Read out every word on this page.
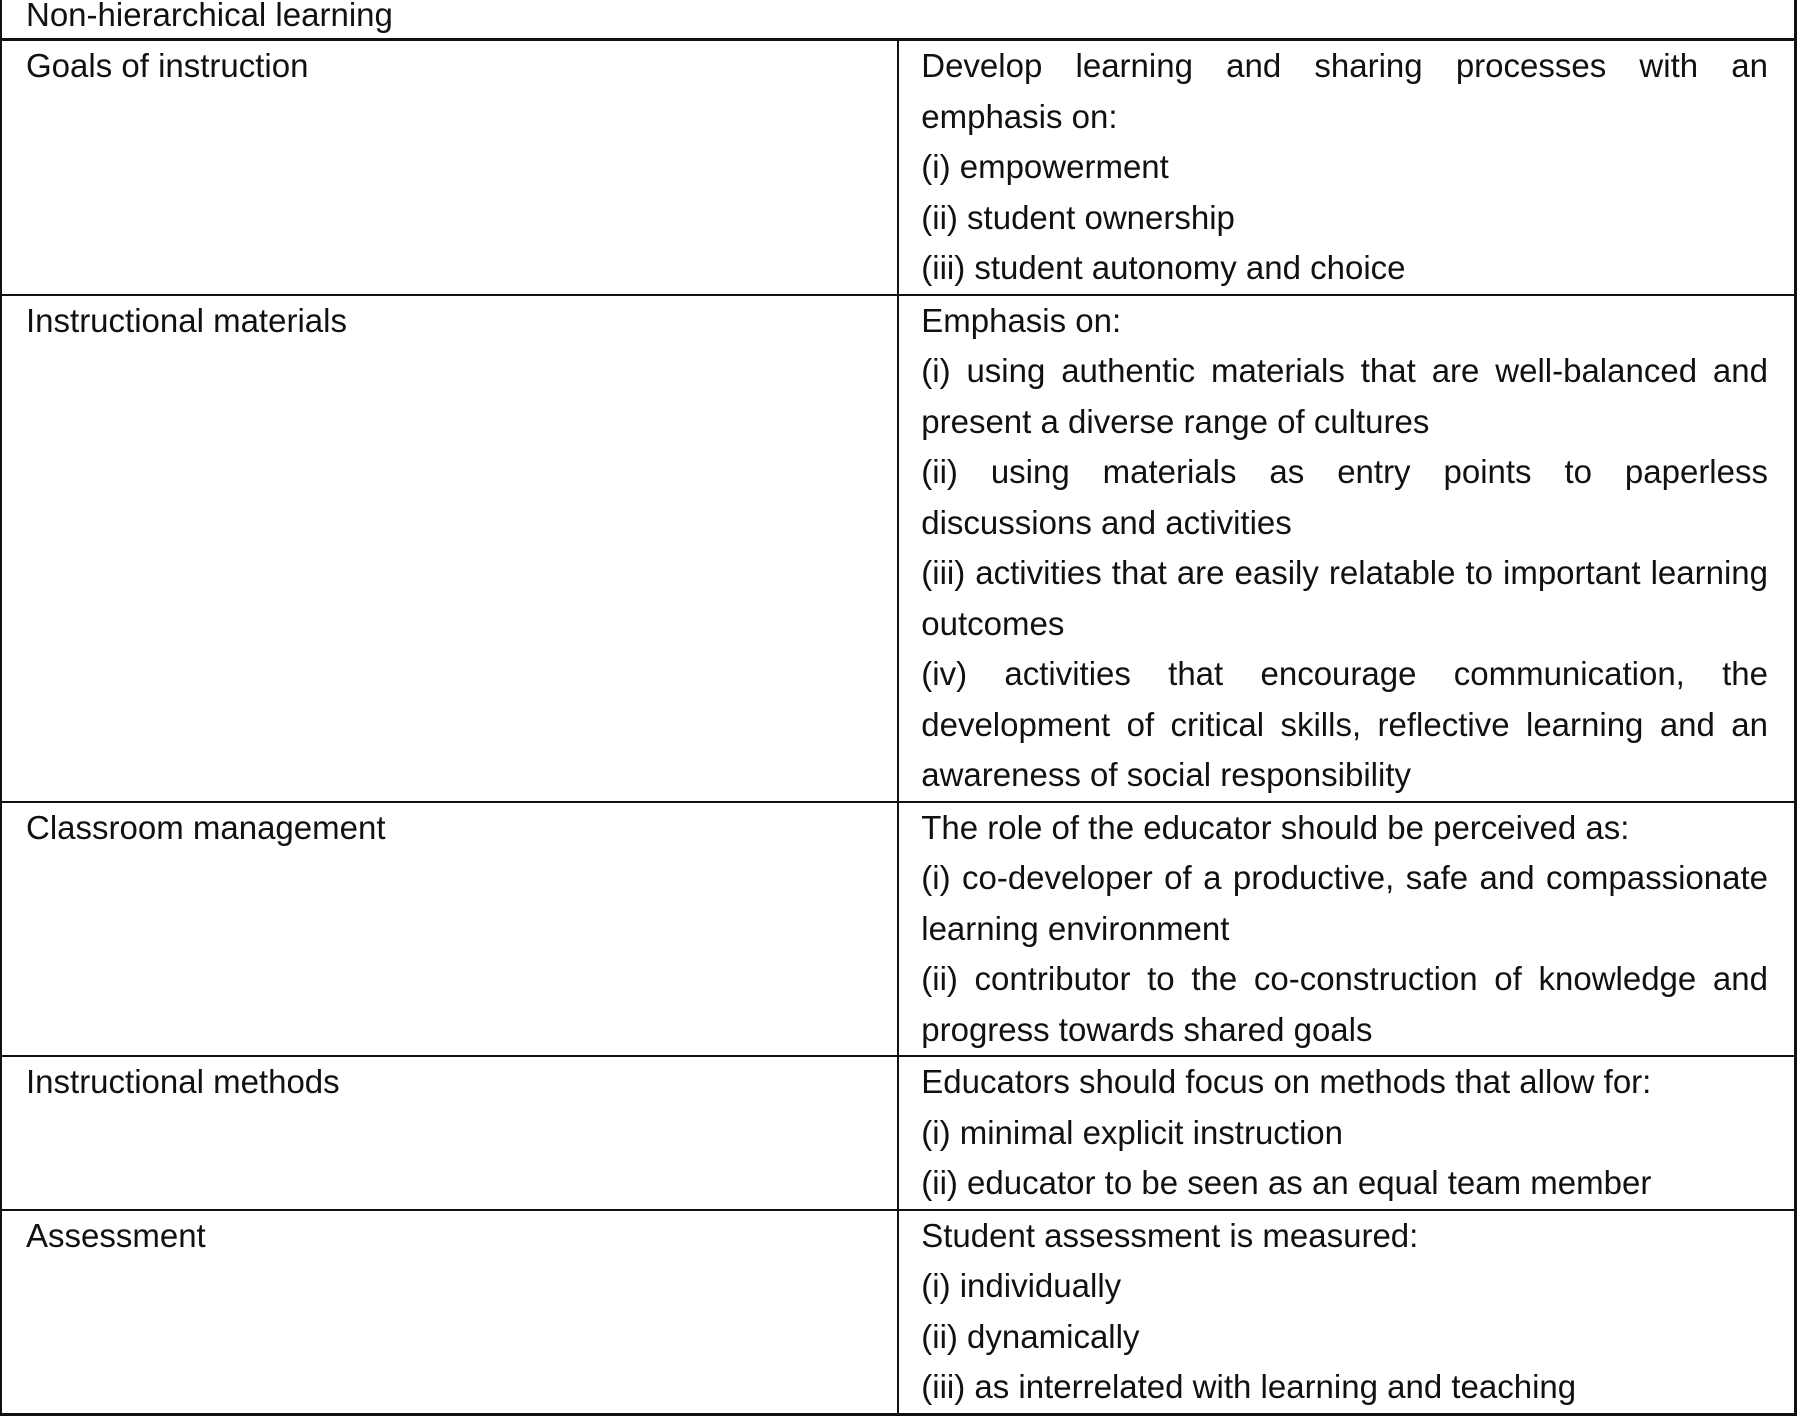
Non-hierarchical learning	
Goals of instruction	Develop learning and sharing processes with an emphasis on:
(i) empowerment
(ii) student ownership
(iii) student autonomy and choice

Instructional materials	Emphasis on:
(i) using authentic materials that are well-balanced and present a diverse range of cultures
(ii) using materials as entry points to paperless discussions and activities
(iii) activities that are easily relatable to important learning outcomes
(iv) activities that encourage communication, the development of critical skills, reflective learning and an awareness of social responsibility

Classroom management	The role of the educator should be perceived as:
(i) co-developer of a productive, safe and compassionate learning environment
(ii) contributor to the co-construction of knowledge and progress towards shared goals

Instructional methods	Educators should focus on methods that allow for:
(i) minimal explicit instruction
(ii) educator to be seen as an equal team member

Assessment	Student assessment is measured:
(i) individually
(ii) dynamically
(iii) as interrelated with learning and teaching
